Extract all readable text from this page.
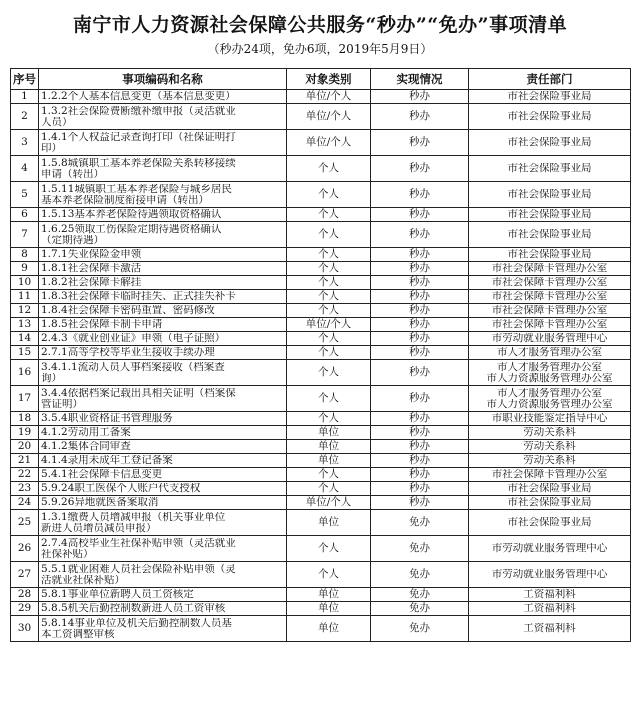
南宁市人力资源社会保障公共服务“秒办”“免办”事项清单
（秒办24项，免办6项，2019年5月9日）
序号	事项编码和名称	对象类别	实现情况	责任部门
1	1.2.2个人基本信息变更（基本信息变更）	单位/个人	秒办	市社会保险事业局

2	1.3.2社会保险费断缴补缴申报（灵活就业
人员）	单位/个人	秒办	市社会保险事业局

3	1.4.1个人权益记录查询打印（社保证明打
印）	单位/个人	秒办	市社会保险事业局

4	1.5.8城镇职工基本养老保险关系转移接续
申请（转出）	个人	秒办	市社会保险事业局

5	1.5.11城镇职工基本养老保险与城乡居民
基本养老保险制度衔接申请（转出）	个人	秒办	市社会保险事业局

6	1.5.13基本养老保险待遇领取资格确认	个人	秒办	市社会保险事业局

7	1.6.25领取工伤保险定期待遇资格确认
（定期待遇）	个人	秒办	市社会保险事业局

8	1.7.1失业保险金申领	个人	秒办	市社会保险事业局

9	1.8.1社会保障卡激活	个人	秒办	市社会保障卡管理办公室

10	1.8.2社会保障卡解挂	个人	秒办	市社会保障卡管理办公室

11	1.8.3社会保障卡临时挂失、正式挂失补卡	个人	秒办	市社会保障卡管理办公室

12	1.8.4社会保障卡密码重置、密码修改	个人	秒办	市社会保障卡管理办公室

13	1.8.5社会保障卡制卡申请	单位/个人	秒办	市社会保障卡管理办公室

14	2.4.3《就业创业证》申领（电子证照）	个人	秒办	市劳动就业服务管理中心

15	2.7.1高等学校等毕业生接收手续办理	个人	秒办	市人才服务管理办公室

16	3.4.1.1流动人员人事档案接收（档案查
询）	个人	秒办	市人才服务管理办公室
市人力资源服务管理办公室

17	3.4.4依据档案记载出具相关证明（档案保
管证明）	个人	秒办	市人才服务管理办公室
市人力资源服务管理办公室

18	3.5.4职业资格证书管理服务	个人	秒办	市职业技能鉴定指导中心

19	4.1.2劳动用工备案	单位	秒办	劳动关系科

20	4.1.2集体合同审查	单位	秒办	劳动关系科

21	4.1.4录用未成年工登记备案	单位	秒办	劳动关系科

22	5.4.1社会保障卡信息变更	个人	秒办	市社会保障卡管理办公室

23	5.9.24职工医保个人账户代支授权	个人	秒办	市社会保险事业局

24	5.9.26异地就医备案取消	单位/个人	秒办	市社会保险事业局

25	1.3.1缴费人员增减申报（机关事业单位
新进人员增员减员申报）	单位	免办	市社会保险事业局

26	2.7.4高校毕业生社保补贴申领（灵活就业
社保补贴）	个人	免办	市劳动就业服务管理中心

27	5.5.1就业困难人员社会保险补贴申领（灵
活就业社保补贴）	个人	免办	市劳动就业服务管理中心

28	5.8.1事业单位新聘人员工资核定	单位	免办	工资福利科

29	5.8.5机关后勤控制数新进人员工资审核	单位	免办	工资福利科

30	5.8.14事业单位及机关后勤控制数人员基
本工资调整审核	单位	免办	工资福利科
